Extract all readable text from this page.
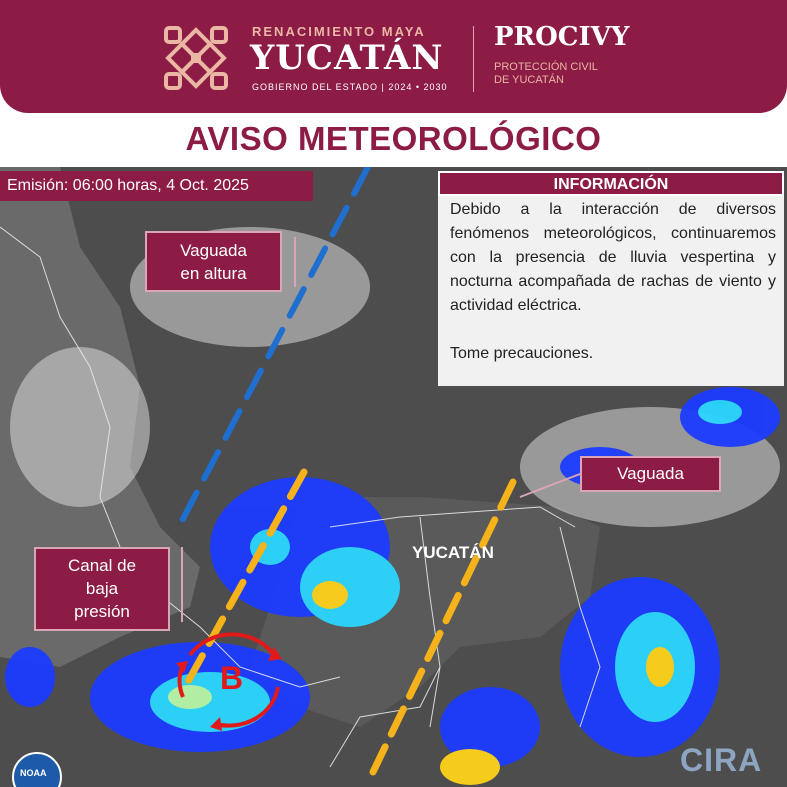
RENACIMIENTO MAYA
YUCATÁN
GOBIERNO DEL ESTADO | 2024 • 2030
PROCIVY
PROTECCIÓN CIVIL
DE YUCATÁN
AVISO METEOROLÓGICO
YUCATÁN
B
NOAA	CIRA
Emisión: 06:00 horas, 4 Oct. 2025	INFORMACIÓN

Debido a la interacción de diversos fenómenos meteorológicos, continuaremos con la presencia de lluvia vespertina y nocturna acompañada de rachas de viento y actividad eléctrica.

Tome precauciones.

Vaguada
en altura
Vaguada
Canal de
baja
presión
